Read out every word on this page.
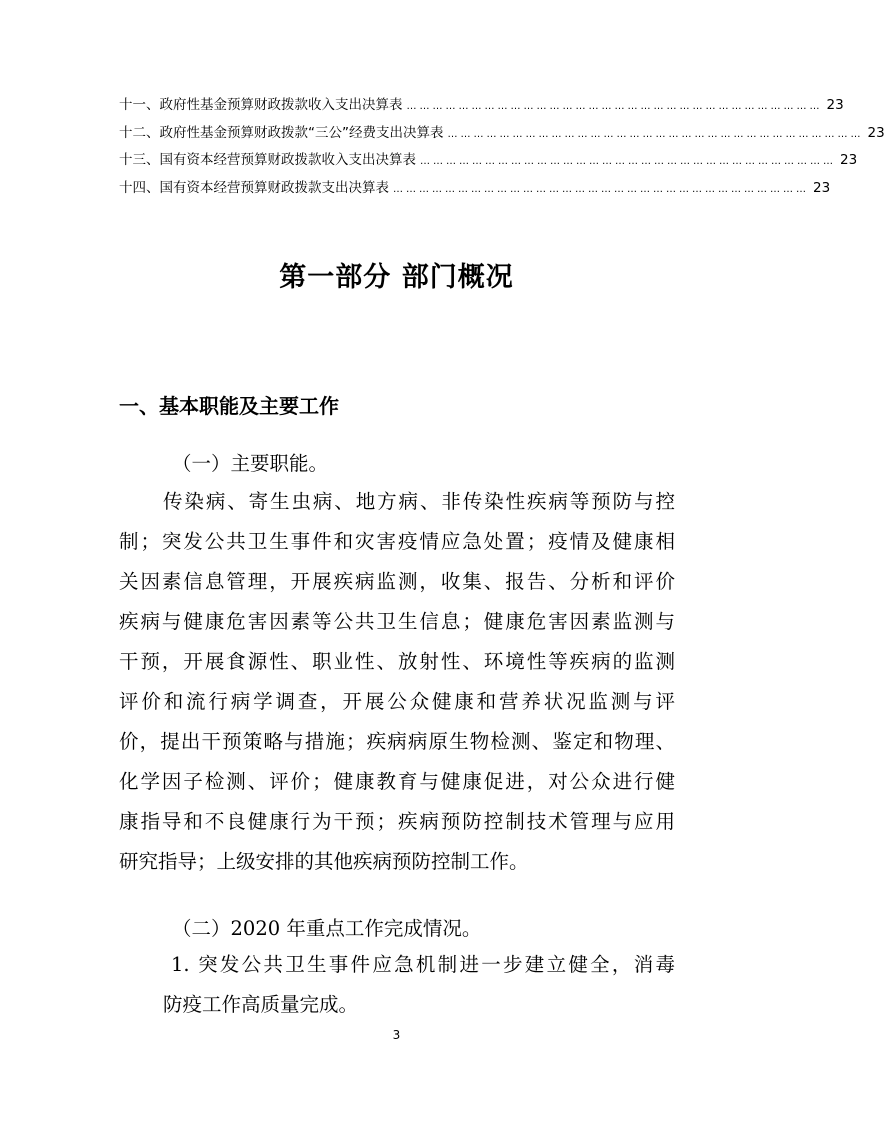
十一、政府性基金预算财政拨款收入支出决算表 …………………………………………………………………………………… 23
十二、政府性基金预算财政拨款“三公”经费支出决算表 …………………………………………………………………………………… 23
十三、国有资本经营预算财政拨款收入支出决算表 …………………………………………………………………………………… 23
十四、国有资本经营预算财政拨款支出决算表 …………………………………………………………………………………… 23
第一部分 部门概况
一、基本职能及主要工作

（一）主要职能。

传染病、寄生虫病、地方病、非传染性疾病等预防与控
制；突发公共卫生事件和灾害疫情应急处置；疫情及健康相
关因素信息管理，开展疾病监测，收集、报告、分析和评价
疾病与健康危害因素等公共卫生信息；健康危害因素监测与
干预，开展食源性、职业性、放射性、环境性等疾病的监测
评价和流行病学调查，开展公众健康和营养状况监测与评
价，提出干预策略与措施；疾病病原生物检测、鉴定和物理、
化学因子检测、评价；健康教育与健康促进，对公众进行健
康指导和不良健康行为干预；疾病预防控制技术管理与应用
研究指导；上级安排的其他疾病预防控制工作。

（二）2020 年重点工作完成情况。

1. 突发公共卫生事件应急机制进一步建立健全，消毒
防疫工作高质量完成。

3
